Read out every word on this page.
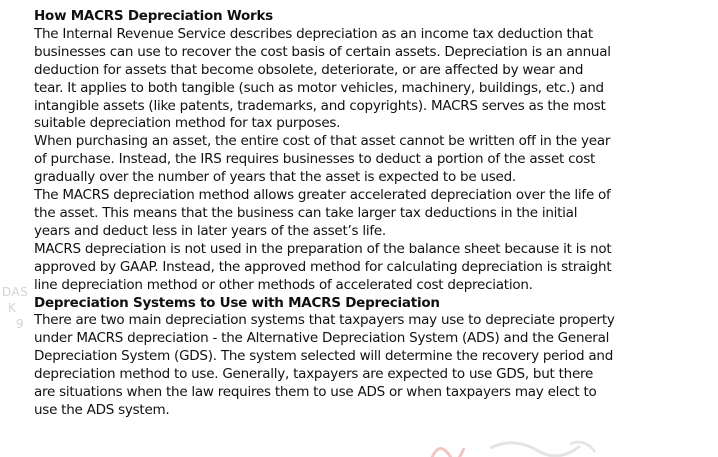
DAS
K
9

How MACRS Depreciation Works

The Internal Revenue Service describes depreciation as an income tax deduction that
businesses can use to recover the cost basis of certain assets. Depreciation is an annual
deduction for assets that become obsolete, deteriorate, or are affected by wear and
tear. It applies to both tangible (such as motor vehicles, machinery, buildings, etc.) and
intangible assets (like patents, trademarks, and copyrights). MACRS serves as the most
suitable depreciation method for tax purposes.

When purchasing an asset, the entire cost of that asset cannot be written off in the year
of purchase. Instead, the IRS requires businesses to deduct a portion of the asset cost
gradually over the number of years that the asset is expected to be used.

The MACRS depreciation method allows greater accelerated depreciation over the life of
the asset. This means that the business can take larger tax deductions in the initial
years and deduct less in later years of the asset’s life.

MACRS depreciation is not used in the preparation of the balance sheet because it is not
approved by GAAP. Instead, the approved method for calculating depreciation is straight
line depreciation method or other methods of accelerated cost depreciation.

Depreciation Systems to Use with MACRS Depreciation

There are two main depreciation systems that taxpayers may use to depreciate property
under MACRS depreciation - the Alternative Depreciation System (ADS) and the General
Depreciation System (GDS). The system selected will determine the recovery period and
depreciation method to use. Generally, taxpayers are expected to use GDS, but there
are situations when the law requires them to use ADS or when taxpayers may elect to
use the ADS system.
